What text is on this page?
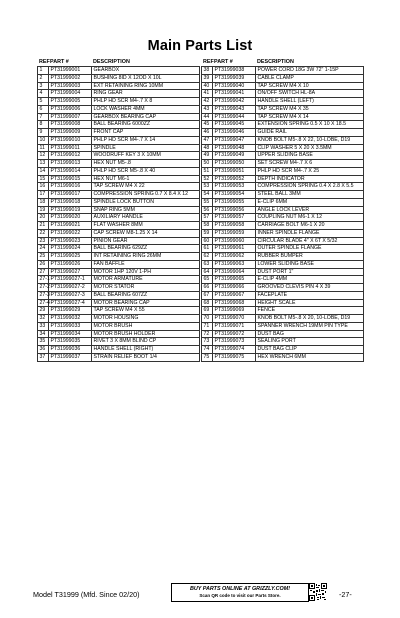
Main Parts List
REF	PART #	DESCRIPTION
1	PT31999001	GEARBOX
2	PT31999002	BUSHING 8ID X 12OD X 10L
3	PT31999003	EXT RETAINING RING 10MM
4	PT31999004	RING GEAR
5	PT31999005	PHLP HD SCR M4-.7 X 8
6	PT31999006	LOCK WASHER 4MM
7	PT31999007	GEARBOX BEARING CAP
8	PT31999008	BALL BEARING 6000ZZ
9	PT31999009	FRONT CAP
10	PT31999010	PHLP HD SCR M4-.7 X 14
11	PT31999011	SPINDLE
12	PT31999012	WOODRUFF KEY 3 X 10MM
13	PT31999013	HEX NUT M5-.8
14	PT31999014	PHLP HD SCR M5-.8 X 40
15	PT31999015	HEX NUT M6-1
16	PT31999016	TAP SCREW M4 X 22
17	PT31999017	COMPRESSION SPRING 0.7 X 8.4 X 12
18	PT31999018	SPINDLE LOCK BUTTON
19	PT31999019	SNAP RING 5MM
20	PT31999020	AUXILIARY HANDLE
21	PT31999021	FLAT WASHER 8MM
22	PT31999022	CAP SCREW M8-1.25 X 14
23	PT31999023	PINION GEAR
24	PT31999024	BALL BEARING 629ZZ
25	PT31999025	INT RETAINING RING 26MM
26	PT31999026	FAN BAFFLE
27	PT31999027	MOTOR 1HP 120V 1-PH
27-1	PT31999027-1	MOTOR ARMATURE
27-2	PT31999027-2	MOTOR STATOR
27-3	PT31999027-3	BALL BEARING 607ZZ
27-4	PT31999027-4	MOTOR BEARING CAP
29	PT31999029	TAP SCREW M4 X 55
32	PT31999032	MOTOR HOUSING
33	PT31999033	MOTOR BRUSH
34	PT31999034	MOTOR BRUSH HOLDER
35	PT31999035	RIVET 3 X 8MM BLIND CP
36	PT31999036	HANDLE SHELL (RIGHT)
37	PT31999037	STRAIN RELIEF BOOT 1/4
REF	PART #	DESCRIPTION
38	PT31999038	POWER CORD 18G 3W 72" 1-15P
39	PT31999039	CABLE CLAMP
40	PT31999040	TAP SCREW M4 X 10
41	PT31999041	ON/OFF SWITCH HL-8A
42	PT31999042	HANDLE SHELL (LEFT)
43	PT31999043	TAP SCREW M4 X 35
44	PT31999044	TAP SCREW M4 X 14
45	PT31999045	EXTENSION SPRING 0.5 X 10 X 18.5
46	PT31999046	GUIDE RAIL
47	PT31999047	KNOB BOLT M5-.8 X 22, 10-LOBE, D19
48	PT31999048	CLIP WASHER 5 X 20 X 3.5MM
49	PT31999049	UPPER SLIDING BASE
50	PT31999050	SET SCREW M4-.7 X 6
51	PT31999051	PHLP HD SCR M4-.7 X 25
52	PT31999052	DEPTH INDICATOR
53	PT31999053	COMPRESSION SPRING 0.4 X 2.8 X 5.5
54	PT31999054	STEEL BALL 3MM
55	PT31999055	E-CLIP 6MM
56	PT31999056	ANGLE LOCK LEVER
57	PT31999057	COUPLING NUT M6-1 X 12
58	PT31999058	CARRIAGE BOLT M6-1 X 20
59	PT31999059	INNER SPINDLE FLANGE
60	PT31999060	CIRCULAR BLADE 4" X 6T X 5/32
61	PT31999061	OUTER SPINDLE FLANGE
62	PT31999062	RUBBER BUMPER
63	PT31999063	LOWER SLIDING BASE
64	PT31999064	DUST PORT 1"
65	PT31999065	E-CLIP 4MM
66	PT31999066	GROOVED CLEVIS PIN 4 X 39
67	PT31999067	FACEPLATE
68	PT31999068	HEIGHT SCALE
69	PT31999069	FENCE
70	PT31999070	KNOB BOLT M5-.8 X 20, 10-LOBE, D19
71	PT31999071	SPANNER WRENCH 19MM PIN TYPE
72	PT31999072	DUST BAG
73	PT31999073	SEALING PORT
74	PT31999074	DUST BAG CLIP
75	PT31999075	HEX WRENCH 6MM
Model T31999 (Mfd. Since 02/20)
BUY PARTS ONLINE AT GRIZZLY.COM!
Scan QR code to visit our Parts Store.	-27-
